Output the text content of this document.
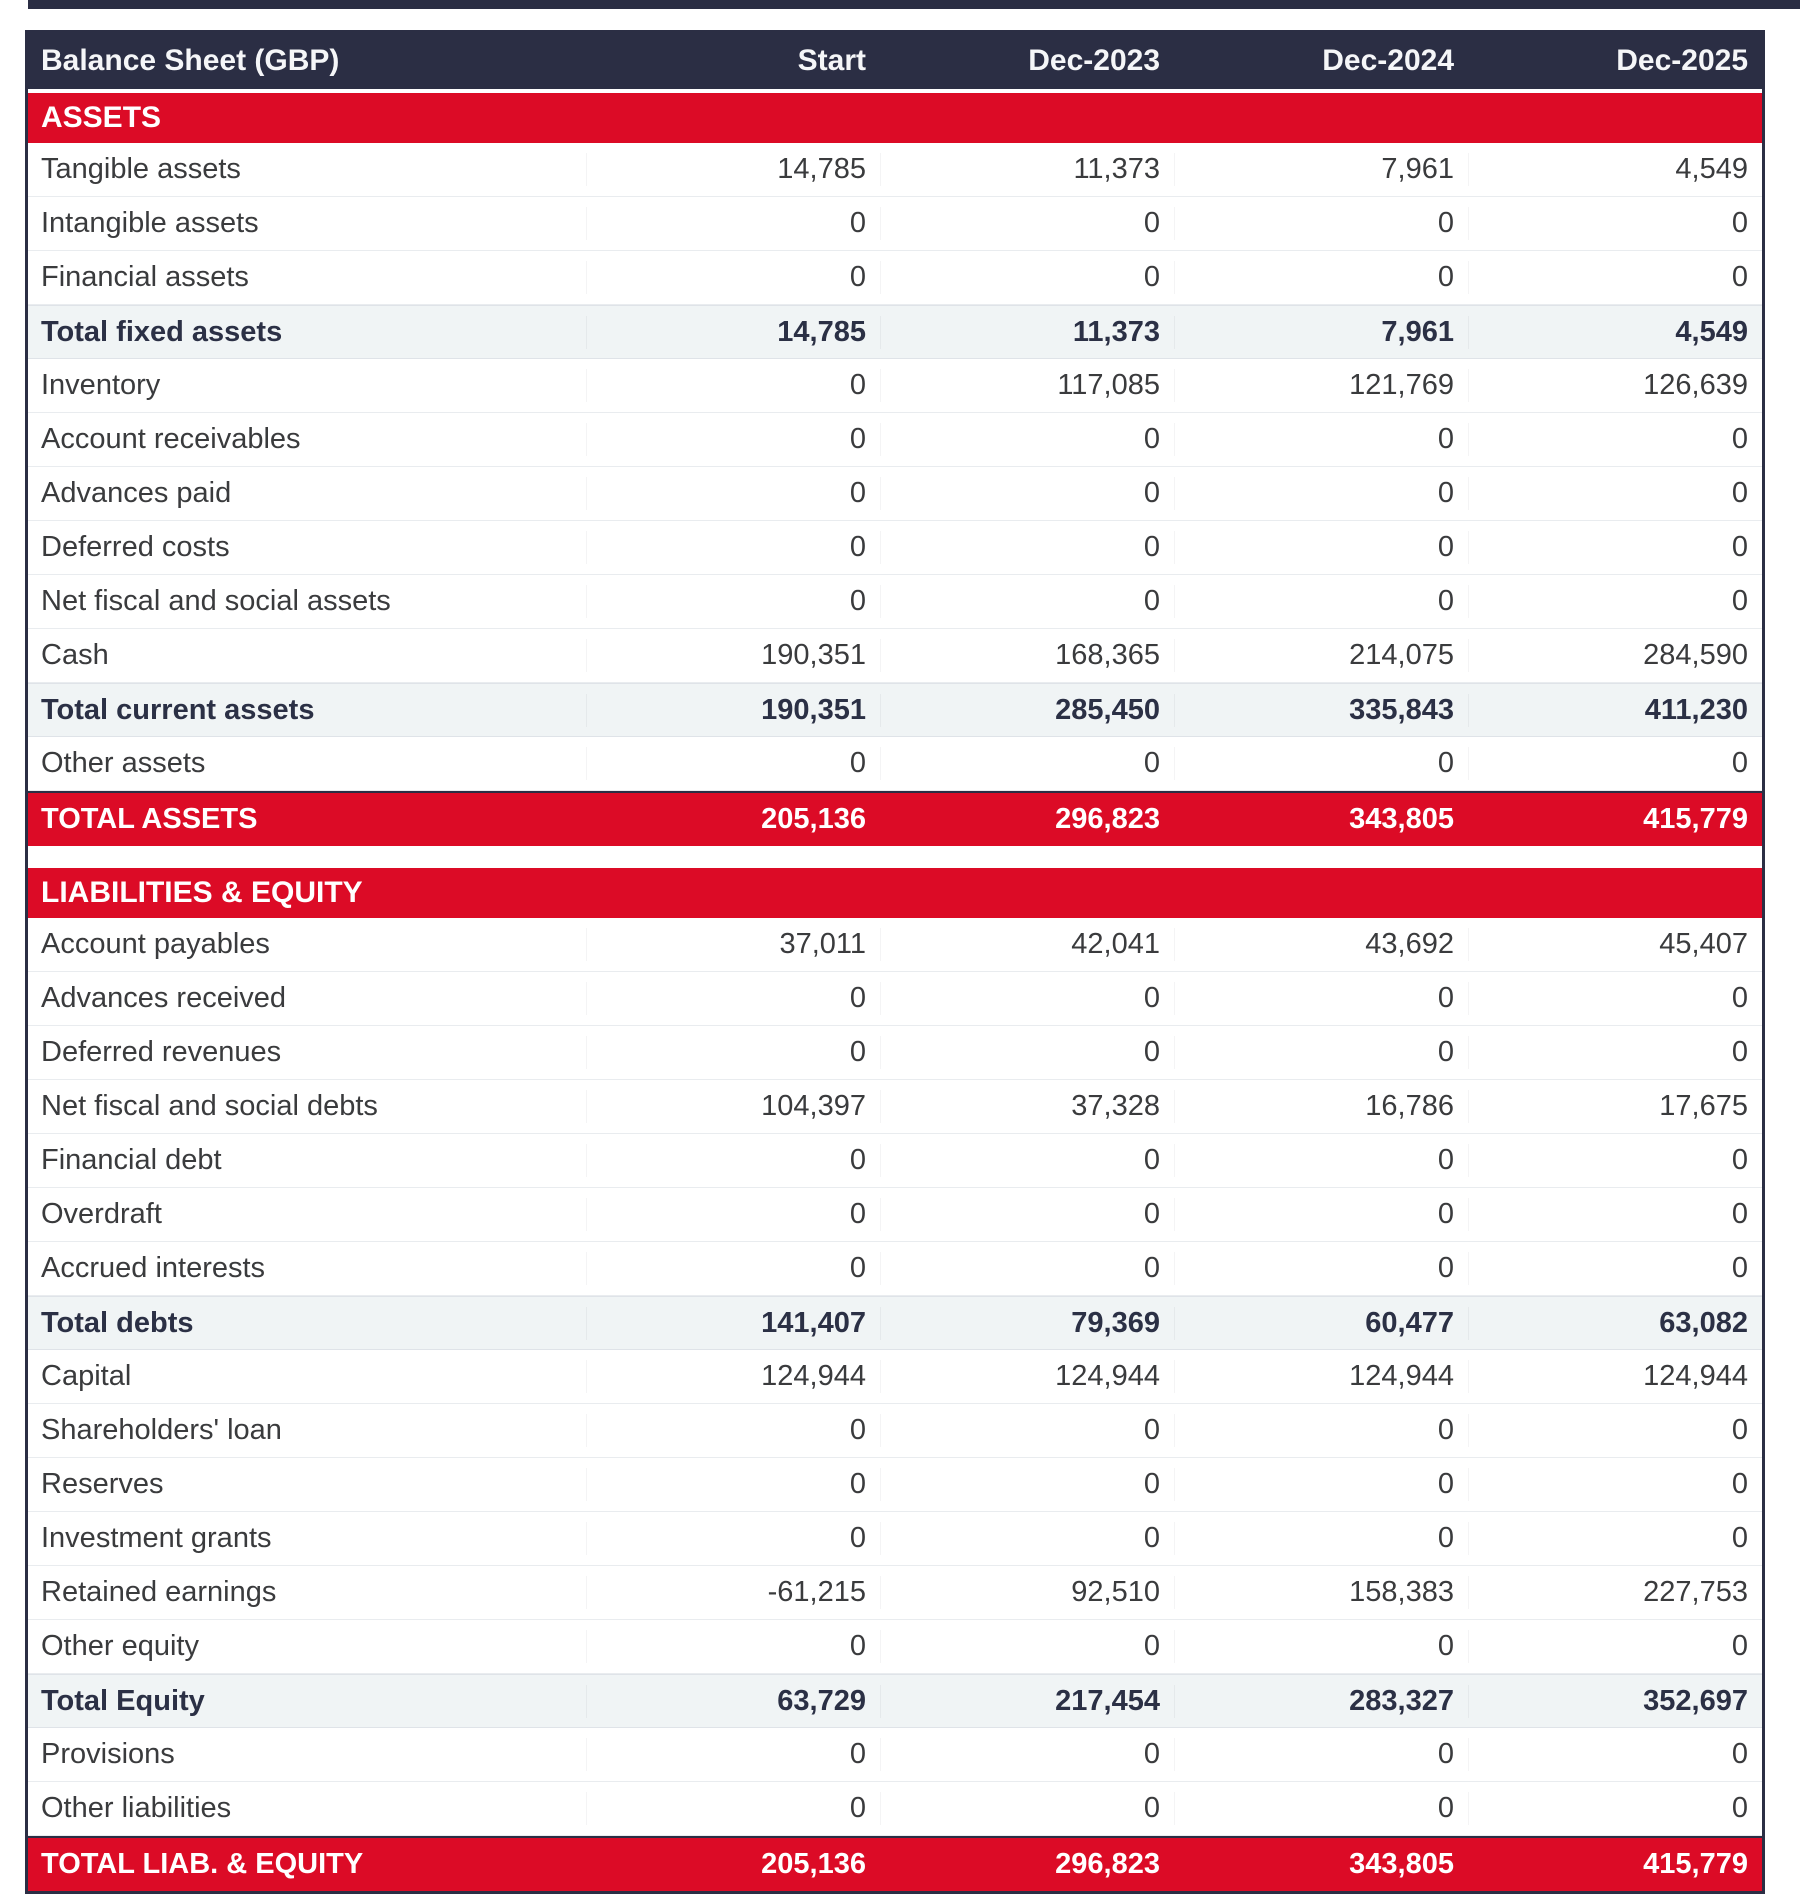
Balance Sheet (GBP)	Start	Dec-2023	Dec-2024	Dec-2025
ASSETS
Tangible assets	14,785	11,373	7,961	4,549
Intangible assets	0	0	0	0
Financial assets	0	0	0	0
Total fixed assets	14,785	11,373	7,961	4,549
Inventory	0	117,085	121,769	126,639
Account receivables	0	0	0	0
Advances paid	0	0	0	0
Deferred costs	0	0	0	0
Net fiscal and social assets	0	0	0	0
Cash	190,351	168,365	214,075	284,590
Total current assets	190,351	285,450	335,843	411,230
Other assets	0	0	0	0
TOTAL ASSETS	205,136	296,823	343,805	415,779
LIABILITIES & EQUITY
Account payables	37,011	42,041	43,692	45,407
Advances received	0	0	0	0
Deferred revenues	0	0	0	0
Net fiscal and social debts	104,397	37,328	16,786	17,675
Financial debt	0	0	0	0
Overdraft	0	0	0	0
Accrued interests	0	0	0	0
Total debts	141,407	79,369	60,477	63,082
Capital	124,944	124,944	124,944	124,944
Shareholders' loan	0	0	0	0
Reserves	0	0	0	0
Investment grants	0	0	0	0
Retained earnings	-61,215	92,510	158,383	227,753
Other equity	0	0	0	0
Total Equity	63,729	217,454	283,327	352,697
Provisions	0	0	0	0
Other liabilities	0	0	0	0
TOTAL LIAB. & EQUITY	205,136	296,823	343,805	415,779
